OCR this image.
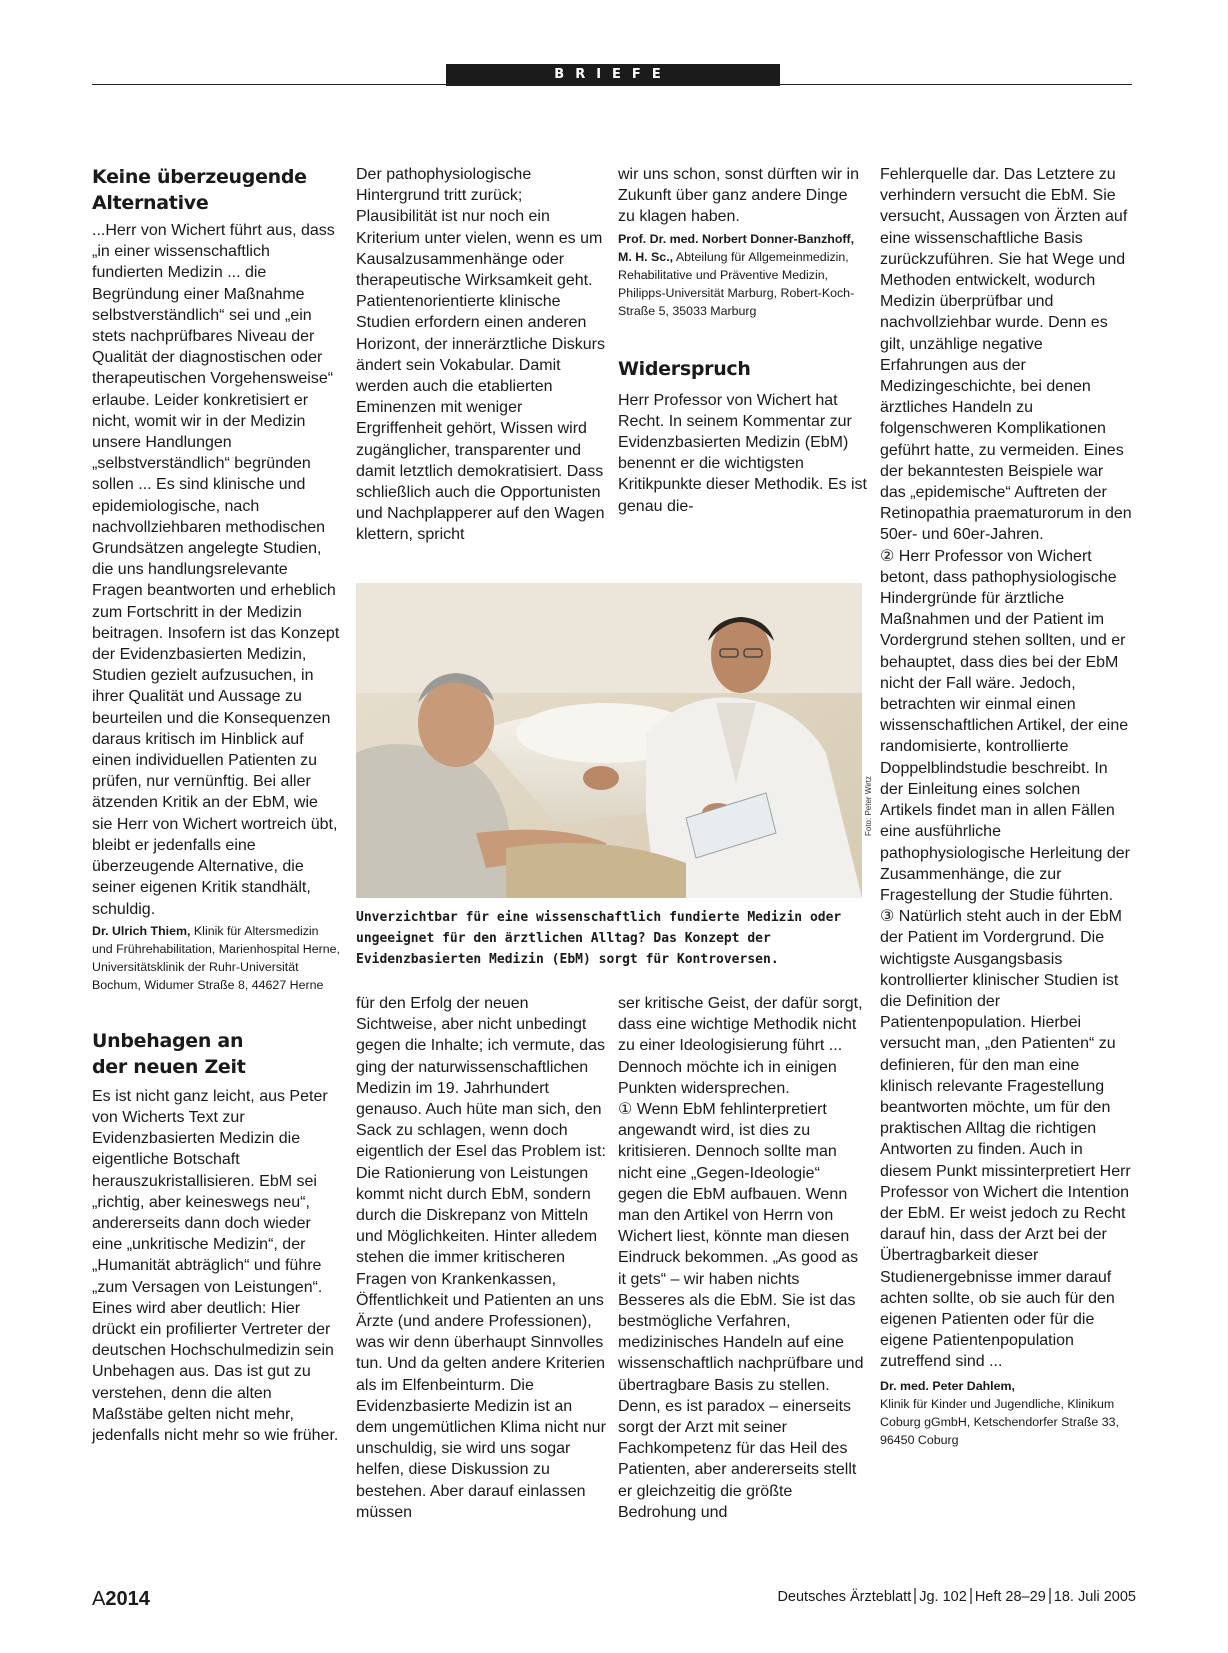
BRIEFE
Keine überzeugende Alternative

...Herr von Wichert führt aus, dass „in einer wissenschaftlich fundierten Medizin ... die Begründung einer Maßnahme selbstverständlich“ sei und „ein stets nachprüfbares Niveau der Qualität der diagnostischen oder therapeutischen Vorgehensweise“ erlaube. Leider konkretisiert er nicht, womit wir in der Medizin unsere Handlungen „selbstverständlich“ begründen sollen ... Es sind klinische und epidemiologische, nach nachvollziehbaren methodischen Grundsätzen angelegte Studien, die uns handlungsrelevante Fragen beantworten und erheblich zum Fortschritt in der Medizin beitragen. Insofern ist das Konzept der Evidenzbasierten Medizin, Studien gezielt aufzusuchen, in ihrer Qualität und Aussage zu beurteilen und die Konsequenzen daraus kritisch im Hinblick auf einen individuellen Patienten zu prüfen, nur vernünftig. Bei aller ätzenden Kritik an der EbM, wie sie Herr von Wichert wortreich übt, bleibt er jedenfalls eine überzeugende Alternative, die seiner eigenen Kritik standhält, schuldig.

Dr. Ulrich Thiem, Klinik für Altersmedizin und Frührehabilitation, Marienhospital Herne, Universitätsklinik der Ruhr-Universität Bochum, Widumer Straße 8, 44627 Herne
Unbehagen an
der neuen Zeit

Es ist nicht ganz leicht, aus Peter von Wicherts Text zur Evidenzbasierten Medizin die eigentliche Botschaft herauszukristallisieren. EbM sei „richtig, aber keineswegs neu“, andererseits dann doch wieder eine „unkritische Medizin“, der „Humanität abträglich“ und führe „zum Versagen von Leistungen“. Eines wird aber deutlich: Hier drückt ein profilierter Vertreter der deutschen Hochschulmedizin sein Unbehagen aus. Das ist gut zu verstehen, denn die alten Maßstäbe gelten nicht mehr, jedenfalls nicht mehr so wie früher.

Der pathophysiologische Hintergrund tritt zurück; Plausibilität ist nur noch ein Kriterium unter vielen, wenn es um Kausalzusammenhänge oder therapeutische Wirksamkeit geht. Patientenorientierte klinische Studien erfordern einen anderen Horizont, der innerärztliche Diskurs ändert sein Vokabular. Damit werden auch die etablierten Eminenzen mit weniger Ergriffenheit gehört, Wissen wird zugänglicher, transparenter und damit letztlich demokratisiert. Dass schließlich auch die Opportunisten und Nachplapperer auf den Wagen klettern, spricht

wir uns schon, sonst dürften wir in Zukunft über ganz andere Dinge zu klagen haben.

Prof. Dr. med. Norbert Donner-Banzhoff, M. H. Sc., Abteilung für Allgemeinmedizin, Rehabilitative und Präventive Medizin, Philipps-Universität Marburg, Robert-Koch-Straße 5, 35033 Marburg
Widerspruch

Herr Professor von Wichert hat Recht. In seinem Kommentar zur Evidenzbasierten Medizin (EbM) benennt er die wichtigsten Kritikpunkte dieser Methodik. Es ist genau die-

Fehlerquelle dar. Das Letztere zu verhindern versucht die EbM. Sie versucht, Aussagen von Ärzten auf eine wissenschaftliche Basis zurückzuführen. Sie hat Wege und Methoden entwickelt, wodurch Medizin überprüfbar und nachvollziehbar wurde. Denn es gilt, unzählige negative Erfahrungen aus der Medizingeschichte, bei denen ärztliches Handeln zu folgenschweren Komplikationen geführt hatte, zu vermeiden. Eines der bekanntesten Beispiele war das „epidemische“ Auftreten der Retinopathia praematurorum in den 50er- und 60er-Jahren.

② Herr Professor von Wichert betont, dass pathophysiologische Hindergründe für ärztliche Maßnahmen und der Patient im Vordergrund stehen sollten, und er behauptet, dass dies bei der EbM nicht der Fall wäre. Jedoch, betrachten wir einmal einen wissenschaftlichen Artikel, der eine randomisierte, kontrollierte Doppelblindstudie beschreibt. In der Einleitung eines solchen Artikels findet man in allen Fällen eine ausführliche pathophysiologische Herleitung der Zusammenhänge, die zur Fragestellung der Studie führten.

③ Natürlich steht auch in der EbM der Patient im Vordergrund. Die wichtigste Ausgangsbasis kontrollierter klinischer Studien ist die Definition der Patientenpopulation. Hierbei versucht man, „den Patienten“ zu definieren, für den man eine klinisch relevante Fragestellung beantworten möchte, um für den praktischen Alltag die richtigen Antworten zu finden. Auch in diesem Punkt missinterpretiert Herr Professor von Wichert die Intention der EbM. Er weist jedoch zu Recht darauf hin, dass der Arzt bei der Übertragbarkeit dieser Studienergebnisse immer darauf achten sollte, ob sie auch für den eigenen Patienten oder für die eigene Patientenpopulation zutreffend sind ...

Dr. med. Peter Dahlem,
Klinik für Kinder und Jugendliche, Klinikum Coburg gGmbH, Ketschendorfer Straße 33, 96450 Coburg
Foto: Peter Wirtz
Unverzichtbar für eine wissenschaftlich fundierte Medizin oder ungeeignet für den ärztlichen Alltag? Das Konzept der Evidenzbasierten Medizin (EbM) sorgt für Kontroversen.

für den Erfolg der neuen Sichtweise, aber nicht unbedingt gegen die Inhalte; ich vermute, das ging der naturwissenschaftlichen Medizin im 19. Jahrhundert genauso. Auch hüte man sich, den Sack zu schlagen, wenn doch eigentlich der Esel das Problem ist: Die Rationierung von Leistungen kommt nicht durch EbM, sondern durch die Diskrepanz von Mitteln und Möglichkeiten. Hinter alledem stehen die immer kritischeren Fragen von Krankenkassen, Öffentlichkeit und Patienten an uns Ärzte (und andere Professionen), was wir denn überhaupt Sinnvolles tun. Und da gelten andere Kriterien als im Elfenbeinturm. Die Evidenzbasierte Medizin ist an dem ungemütlichen Klima nicht nur unschuldig, sie wird uns sogar helfen, diese Diskussion zu bestehen. Aber darauf einlassen müssen

ser kritische Geist, der dafür sorgt, dass eine wichtige Methodik nicht zu einer Ideologisierung führt ... Dennoch möchte ich in einigen Punkten widersprechen.

① Wenn EbM fehlinterpretiert angewandt wird, ist dies zu kritisieren. Dennoch sollte man nicht eine „Gegen-Ideologie“ gegen die EbM aufbauen. Wenn man den Artikel von Herrn von Wichert liest, könnte man diesen Eindruck bekommen. „As good as it gets“ – wir haben nichts Besseres als die EbM. Sie ist das bestmögliche Verfahren, medizinisches Handeln auf eine wissenschaftlich nachprüfbare und übertragbare Basis zu stellen. Denn, es ist paradox – einerseits sorgt der Arzt mit seiner Fachkompetenz für das Heil des Patienten, aber andererseits stellt er gleichzeitig die größte Bedrohung und

A2014	Deutsches Ärzteblatt Jg. 102 Heft 28–29 18. Juli 2005
